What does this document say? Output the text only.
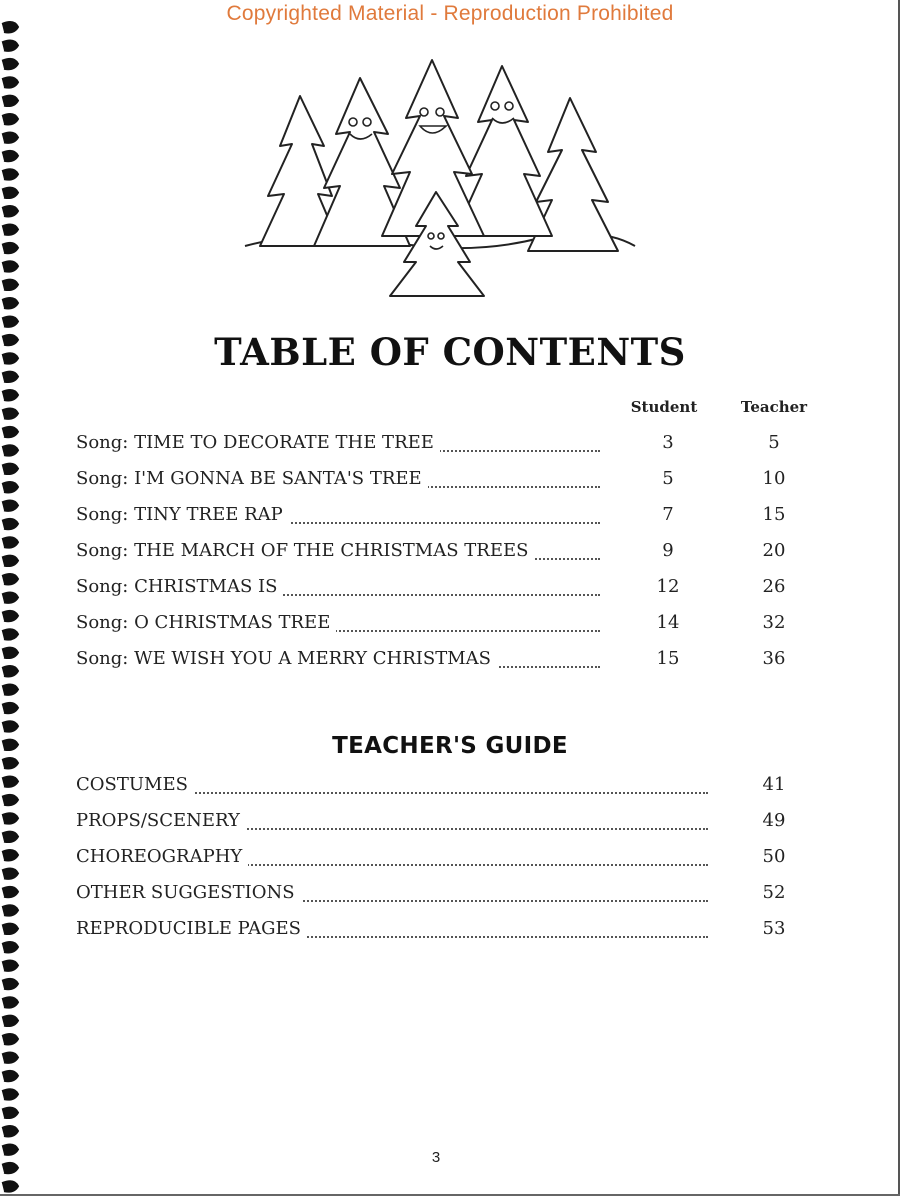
Copyrighted Material - Reproduction Prohibited
TABLE OF CONTENTS
Student	Teacher
Song: TIME TO DECORATE THE TREE	3	5
Song: I'M GONNA BE SANTA'S TREE	5	10
Song: TINY TREE RAP	7	15
Song: THE MARCH OF THE CHRISTMAS TREES	9	20
Song: CHRISTMAS IS	12	26
Song: O CHRISTMAS TREE	14	32
Song: WE WISH YOU A MERRY CHRISTMAS	15	36
TEACHER'S GUIDE
COSTUMES	41
PROPS/SCENERY	49
CHOREOGRAPHY	50
OTHER SUGGESTIONS	52
REPRODUCIBLE PAGES	53
3
